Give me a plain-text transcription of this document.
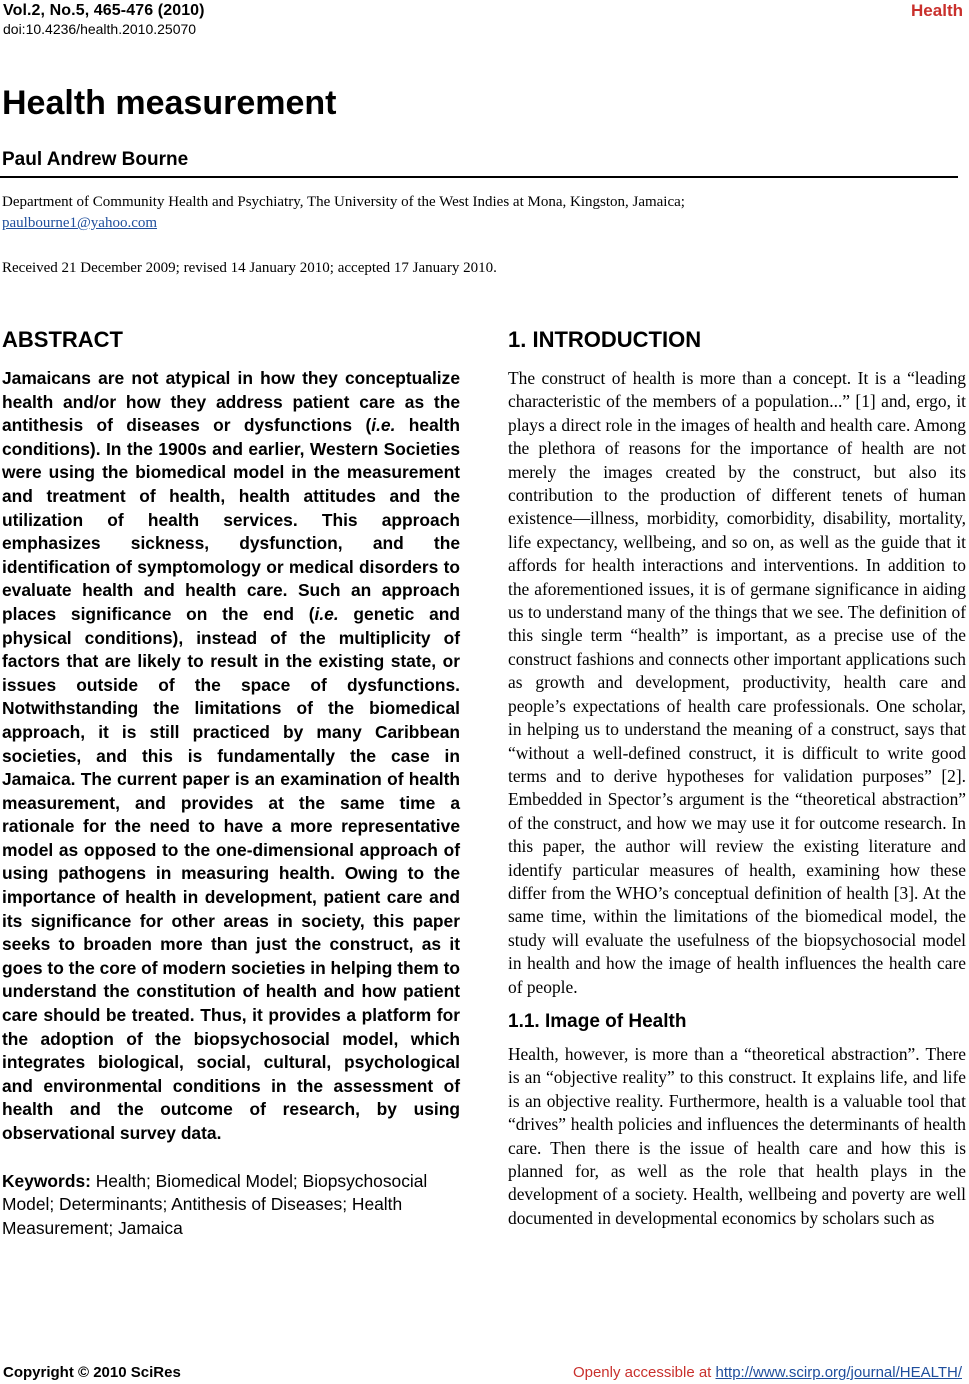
Vol.2, No.5, 465-476 (2010)
doi:10.4236/health.2010.25070
Health
Health measurement
Paul Andrew Bourne
Department of Community Health and Psychiatry, The University of the West Indies at Mona, Kingston, Jamaica;
paulbourne1@yahoo.com
Received 21 December 2009; revised 14 January 2010; accepted 17 January 2010.
ABSTRACT
Jamaicans are not atypical in how they conceptualize health and/or how they address patient care as the antithesis of diseases or dysfunctions (i.e. health conditions). In the 1900s and earlier, Western Societies were using the biomedical model in the measurement and treatment of health, health attitudes and the utilization of health services. This approach emphasizes sickness, dysfunction, and the identification of symptomology or medical disorders to evaluate health and health care. Such an approach places significance on the end (i.e. genetic and physical conditions), instead of the multiplicity of factors that are likely to result in the existing state, or issues outside of the space of dysfunctions. Notwithstanding the limitations of the biomedical approach, it is still practiced by many Caribbean societies, and this is fundamentally the case in Jamaica. The current paper is an examination of health measurement, and provides at the same time a rationale for the need to have a more representative model as opposed to the one-dimensional approach of using pathogens in measuring health. Owing to the importance of health in development, patient care and its significance for other areas in society, this paper seeks to broaden more than just the construct, as it goes to the core of modern societies in helping them to understand the constitution of health and how patient care should be treated. Thus, it provides a platform for the adoption of the biopsychosocial model, which integrates biological, social, cultural, psychological and environmental conditions in the assessment of health and the outcome of research, by using observational survey data.
Keywords: Health; Biomedical Model; Biopsychosocial Model; Determinants; Antithesis of Diseases; Health Measurement; Jamaica
1. INTRODUCTION
The construct of health is more than a concept. It is a “leading characteristic of the members of a population...” [1] and, ergo, it plays a direct role in the images of health and health care. Among the plethora of reasons for the importance of health are not merely the images created by the construct, but also its contribution to the production of different tenets of human existence—illness, morbidity, comorbidity, disability, mortality, life expectancy, wellbeing, and so on, as well as the guide that it affords for health interactions and interventions. In addition to the aforementioned issues, it is of germane significance in aiding us to understand many of the things that we see. The definition of this single term “health” is important, as a precise use of the construct fashions and connects other important applications such as growth and development, productivity, health care and people’s expectations of health care professionals. One scholar, in helping us to understand the meaning of a construct, says that “without a well-defined construct, it is difficult to write good terms and to derive hypotheses for validation purposes” [2]. Embedded in Spector’s argument is the “theoretical abstraction” of the construct, and how we may use it for outcome research. In this paper, the author will review the existing literature and identify particular measures of health, examining how these differ from the WHO’s conceptual definition of health [3]. At the same time, within the limitations of the biomedical model, the study will evaluate the usefulness of the biopsychosocial model in health and how the image of health influences the health care of people.
1.1. Image of Health
Health, however, is more than a “theoretical abstraction”. There is an “objective reality” to this construct. It explains life, and life is an objective reality. Furthermore, health is a valuable tool that “drives” health policies and influences the determinants of health care. Then there is the issue of health care and how this is planned for, as well as the role that health plays in the development of a society. Health, wellbeing and poverty are well documented in developmental economics by scholars such as
Copyright © 2010 SciRes	Openly accessible at http://www.scirp.org/journal/HEALTH/
